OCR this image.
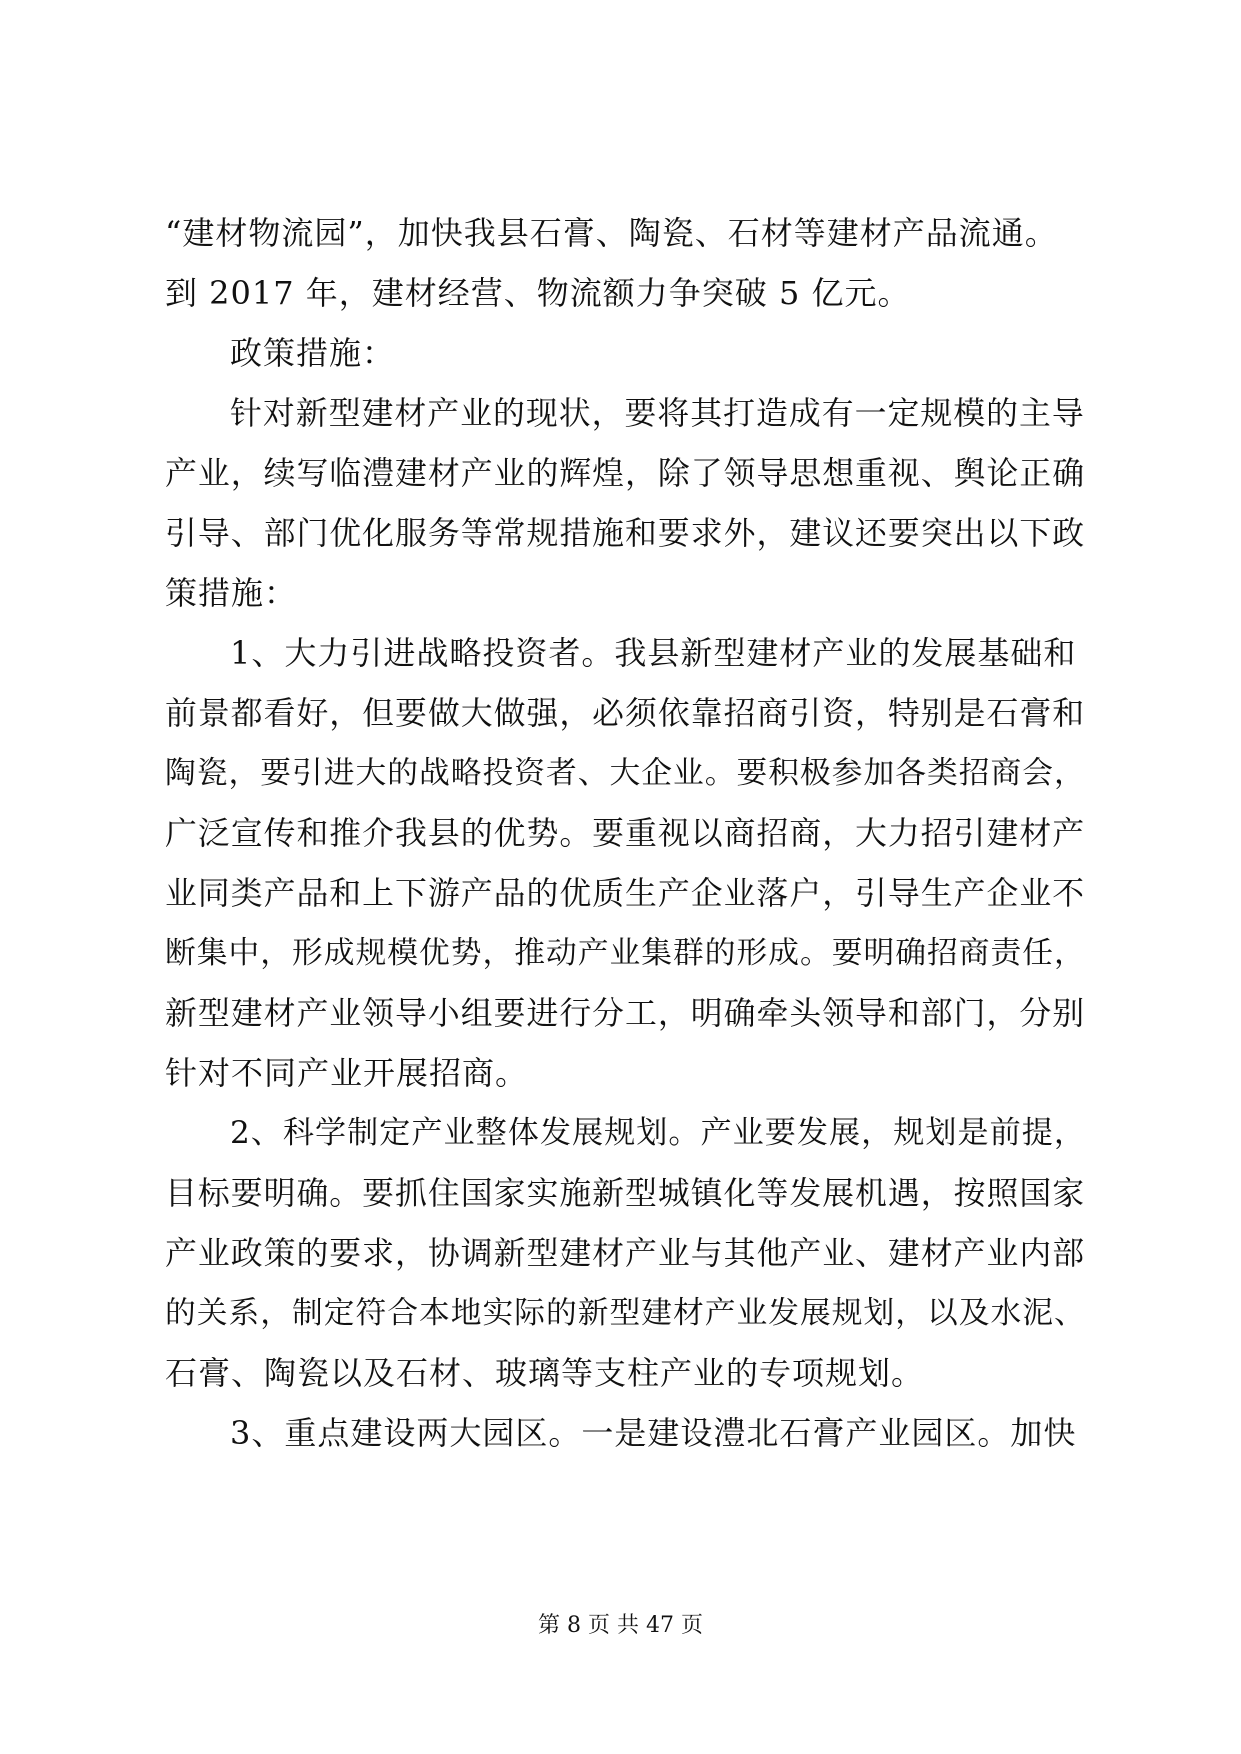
“建材物流园”，加快我县石膏、陶瓷、石材等建材产品流通。
到 2017 年，建材经营、物流额力争突破 5 亿元。
政策措施：
针对新型建材产业的现状，要将其打造成有一定规模的主导
产业，续写临澧建材产业的辉煌，除了领导思想重视、舆论正确
引导、部门优化服务等常规措施和要求外，建议还要突出以下政
策措施：
1、大力引进战略投资者。我县新型建材产业的发展基础和
前景都看好，但要做大做强，必须依靠招商引资，特别是石膏和
陶瓷，要引进大的战略投资者、大企业。要积极参加各类招商会，
广泛宣传和推介我县的优势。要重视以商招商，大力招引建材产
业同类产品和上下游产品的优质生产企业落户，引导生产企业不
断集中，形成规模优势，推动产业集群的形成。要明确招商责任，
新型建材产业领导小组要进行分工，明确牵头领导和部门，分别
针对不同产业开展招商。
2、科学制定产业整体发展规划。产业要发展，规划是前提，
目标要明确。要抓住国家实施新型城镇化等发展机遇，按照国家
产业政策的要求，协调新型建材产业与其他产业、建材产业内部
的关系，制定符合本地实际的新型建材产业发展规划，以及水泥、
石膏、陶瓷以及石材、玻璃等支柱产业的专项规划。
3、重点建设两大园区。一是建设澧北石膏产业园区。加快
第 8 页 共 47 页
